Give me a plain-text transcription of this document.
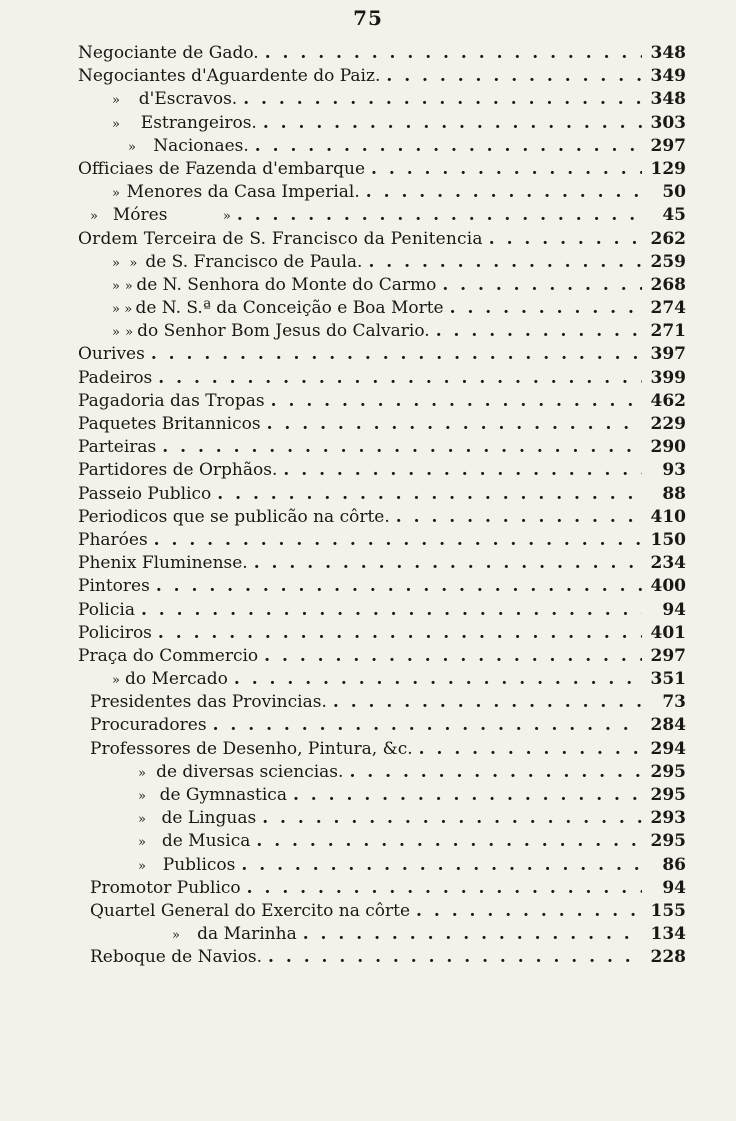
75
Negociante de Gado. . . .	348
Negociantes d'Aguardente do Paiz. . . .	349
»	d'Escravos. . . .	348
»	Estrangeiros. . . .	303
»	Nacionaes. . . .	297
Officiaes de Fazenda d'embarque . . .	129
» Menores da Casa Imperial. . . .	50
» Móres	» . . .	45
Ordem Terceira de S. Francisco da Penitencia . . .	262
» » de S. Francisco de Paula. . . .	259
» » de N. Senhora do Monte do Carmo . . .	268
» » de N. S.ª da Conceição e Boa Morte . . .	274
» » do Senhor Bom Jesus do Calvario. . . .	271
Ourives . . .	397
Padeiros . . .	399
Pagadoria das Tropas . . .	462
Paquetes Britannicos . . .	229
Parteiras . . .	290
Partidores de Orphãos. . . .	93
Passeio Publico . . .	88
Periodicos que se publicão na côrte. . . .	410
Pharóes . . .	150
Phenix Fluminense. . . .	234
Pintores . . .	400
Policia . . .	94
Policiros . . .	401
Praça do Commercio . . .	297
» do Mercado . . .	351
Presidentes das Provincias. . . .	73
Procuradores . . .	284
Professores de Desenho, Pintura, &c. . . .	294
» de diversas sciencias. . . .	295
» de Gymnastica . . .	295
» de Linguas . . .	293
» de Musica . . .	295
» Publicos . . .	86
Promotor Publico . . .	94
Quartel General do Exercito na côrte . . .	155
»	da Marinha . . .	134
Reboque de Navios. . . .	228
